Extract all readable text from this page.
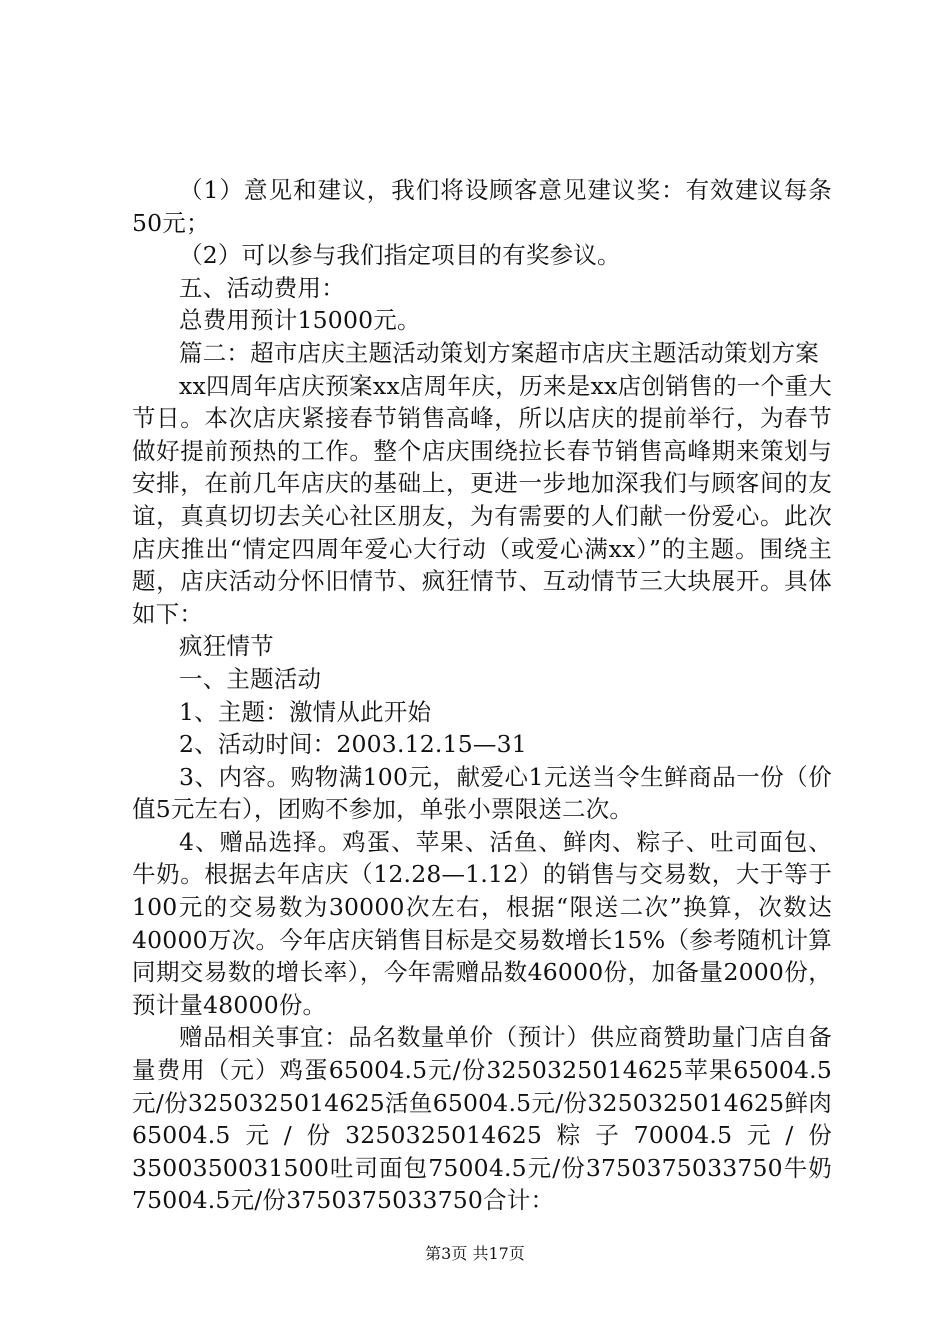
（1）意见和建议，我们将设顾客意见建议奖：有效建议每条50元；

（2）可以参与我们指定项目的有奖参议。

五、活动费用：

总费用预计15000元。

篇二：超市店庆主题活动策划方案超市店庆主题活动策划方案

xx四周年店庆预案xx店周年庆，历来是xx店创销售的一个重大节日。本次店庆紧接春节销售高峰，所以店庆的提前举行，为春节做好提前预热的工作。整个店庆围绕拉长春节销售高峰期来策划与安排，在前几年店庆的基础上，更进一步地加深我们与顾客间的友谊，真真切切去关心社区朋友，为有需要的人们献一份爱心。此次店庆推出“情定四周年爱心大行动（或爱心满xx）”的主题。围绕主题，店庆活动分怀旧情节、疯狂情节、互动情节三大块展开。具体如下：

疯狂情节

一、主题活动

1、主题：激情从此开始

2、活动时间：2003.12.15—31

3、内容。购物满100元，献爱心1元送当令生鲜商品一份（价值5元左右），团购不参加，单张小票限送二次。

4、赠品选择。鸡蛋、苹果、活鱼、鲜肉、粽子、吐司面包、牛奶。根据去年店庆（12.28—1.12）的销售与交易数，大于等于100元的交易数为30000次左右，根据“限送二次”换算，次数达40000万次。今年店庆销售目标是交易数增长15%（参考随机计算同期交易数的增长率），今年需赠品数46000份，加备量2000份，预计量48000份。

赠品相关事宜：品名数量单价（预计）供应商赞助量门店自备量费用（元）鸡蛋65004.5元/份3250325014625苹果65004.5元/份3250325014625活鱼65004.5元/份3250325014625鲜肉65004.5元/份3250325014625粽子70004.5元/份3500350031500吐司面包75004.5元/份3750375033750牛奶75004.5元/份3750375033750合计：

第3页 共17页
